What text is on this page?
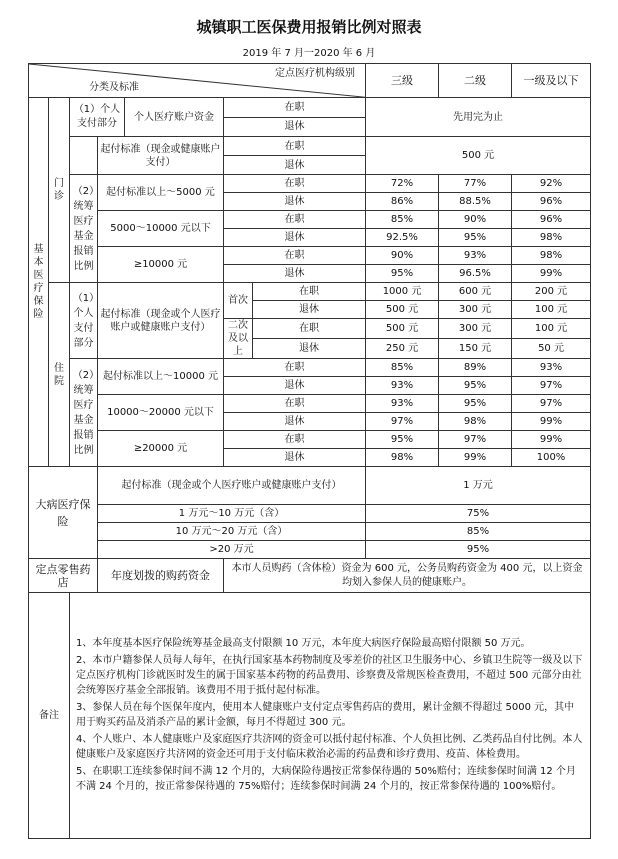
城镇职工医保费用报销比例对照表
2019 年 7 月一2020 年 6 月
定点医疗机构级别
分类及标准						三级	二级	一级及以下
基本医疗保险	门诊	（1）个人支付部分
个人医疗账户资金		在职		先用完为止		
				退休				
			起付标准（现金或健康账户支付）	在职		500 元		
				退休				
		（2）统筹医疗基金报销比例	起付标准以上～5000 元	在职		72%	77%	92%
				退休		86%	88.5%	96%
			5000～10000 元以下	在职		85%	90%	96%
				退休		92.5%	95%	98%
			≥10000 元	在职		90%	93%	98%
				退休		95%	96.5%	99%
	住院	（1）个人支付部分	起付标准（现金或个人医疗账户或健康账户支付）	首次	在职	1000 元	600 元	200 元
					退休	500 元	300 元	100 元
				二次及以上	在职	500 元	300 元	100 元
					退休	250 元	150 元	50 元
		（2）统筹医疗基金报销比例	起付标准以上～10000 元	在职		85%	89%	93%
				退休		93%	95%	97%
			10000～20000 元以下	在职		93%	95%	97%
				退休		97%	98%	99%
			≥20000 元	在职		95%	97%	99%
				退休		98%	99%	100%
大病医疗保险			起付标准（现金或个人医疗账户或健康账户支付）			1 万元		
			1 万元～10 万元（含）			75%		
			10 万元～20 万元（含）			85%		
			>20 万元			95%		
定点零售药店			年度划拨的购药资金	本市人员购药（含体检）资金为 600 元，公务员购药资金为 400 元，以上资金均划入参保人员的健康账户。				
备注		1、本年度基本医疗保险统筹基金最高支付限额 10 万元，本年度大病医疗保险最高赔付限额 50 万元。

2、本市户籍参保人员每人每年，在执行国家基本药物制度及零差价的社区卫生服务中心、乡镇卫生院等一级及以下定点医疗机构门诊就医时发生的属于国家基本药物的药品费用、诊察费及常规医检查费用，不超过 500 元部分由社会统筹医疗基金全部报销。该费用不用于抵付起付标准。

3、参保人员在每个医保年度内，使用本人健康账户支付定点零售药店的费用，累计金额不得超过 5000 元，其中用于购买药品及消杀产品的累计金额，每月不得超过 300 元。

4、个人账户、本人健康账户及家庭医疗共济网的资金可以抵付起付标准、个人负担比例、乙类药品自付比例。本人健康账户及家庭医疗共济网的资金还可用于支付临床救治必需的药品费和诊疗费用、疫苗、体检费用。

5、在职职工连续参保时间不满 12 个月的，大病保险待遇按正常参保待遇的 50%赔付；连续参保时间满 12 个月不满 24 个月的，按正常参保待遇的 75%赔付；连续参保时间满 24 个月的，按正常参保待遇的 100%赔付。						
